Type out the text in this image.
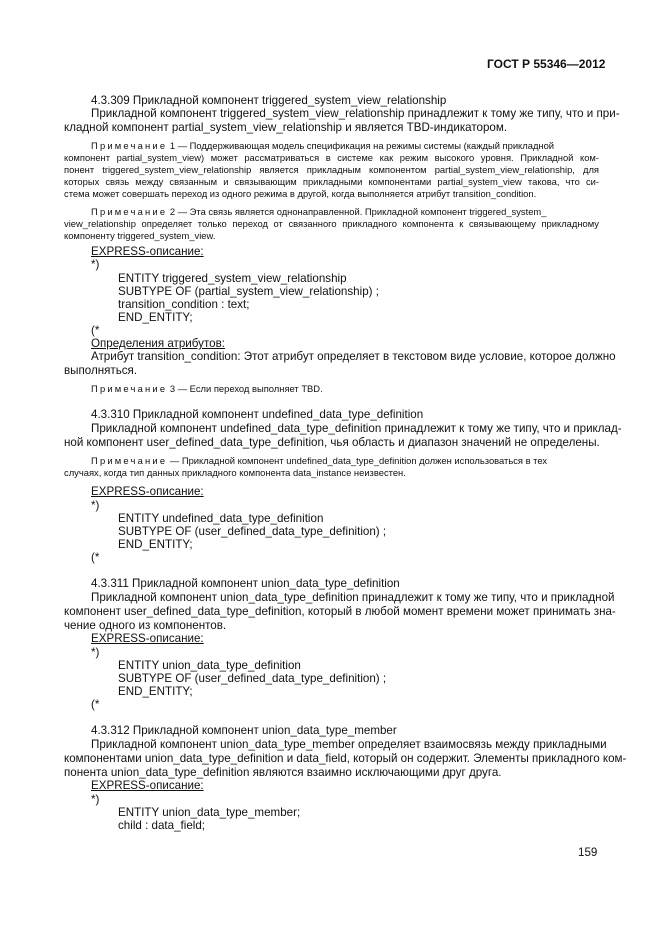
ГОСТ Р 55346—2012
4.3.309 Прикладной компонент triggered_system_view_relationship
Прикладной компонент triggered_system_view_relationship принадлежит к тому же типу, что и при-
кладной компонент partial_system_view_relationship и является TBD-индикатором.
Примечание 1 — Поддерживающая модель спецификация на режимы системы (каждый прикладной
компонент partial_system_view) может рассматриваться в системе как режим высокого уровня. Прикладной ком-
понент triggered_system_view_relationship является прикладным компонентом partial_system_view_relationship, для
которых связь между связанным и связывающим прикладными компонентами partial_system_view такова, что си-
стема может совершать переход из одного режима в другой, когда выполняется атрибут transition_condition.
Примечание 2 — Эта связь является однонаправленной. Прикладной компонент triggered_system_
view_relationship определяет только переход от связанного прикладного компонента к связывающему прикладному
компоненту triggered_system_view.
EXPRESS-описание:
*)
ENTITY triggered_system_view_relationship
SUBTYPE OF (partial_system_view_relationship) ;
transition_condition : text;
END_ENTITY;
(*
Определения атрибутов:
Атрибут transition_condition: Этот атрибут определяет в текстовом виде условие, которое должно
выполняться.
Примечание 3 — Если переход выполняет TBD.
4.3.310 Прикладной компонент undefined_data_type_definition
Прикладной компонент undefined_data_type_definition принадлежит к тому же типу, что и приклад-
ной компонент user_defined_data_type_definition, чья область и диапазон значений не определены.
Примечание — Прикладной компонент undefined_data_type_definition должен использоваться в тех
случаях, когда тип данных прикладного компонента data_instance неизвестен.
EXPRESS-описание:
*)
ENTITY undefined_data_type_definition
SUBTYPE OF (user_defined_data_type_definition) ;
END_ENTITY;
(*
4.3.311 Прикладной компонент union_data_type_definition
Прикладной компонент union_data_type_definition принадлежит к тому же типу, что и прикладной
компонент user_defined_data_type_definition, который в любой момент времени может принимать зна-
чение одного из компонентов.
EXPRESS-описание:
*)
ENTITY union_data_type_definition
SUBTYPE OF (user_defined_data_type_definition) ;
END_ENTITY;
(*
4.3.312 Прикладной компонент union_data_type_member
Прикладной компонент union_data_type_member определяет взаимосвязь между прикладными
компонентами union_data_type_definition и data_field, который он содержит. Элементы прикладного ком-
понента union_data_type_definition являются взаимно исключающими друг друга.
EXPRESS-описание:
*)
ENTITY union_data_type_member;
child : data_field;
159
